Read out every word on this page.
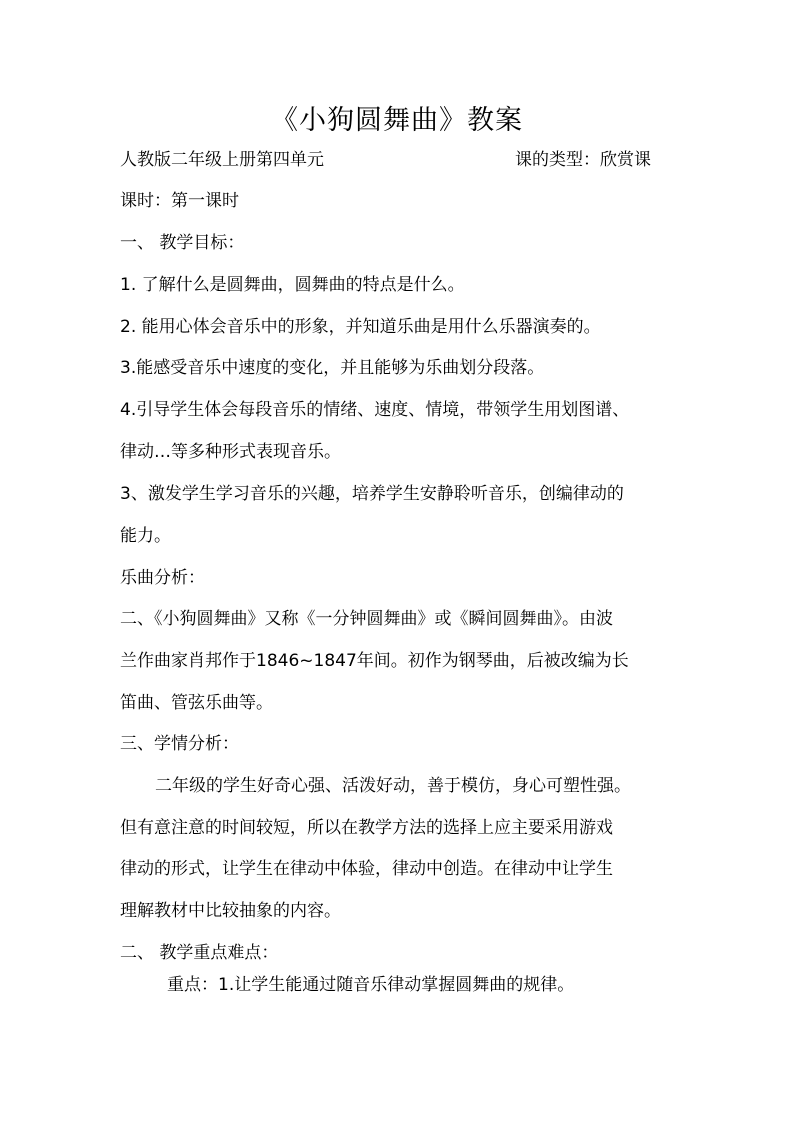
《小狗圆舞曲》教案
人教版二年级上册第四单元	课的类型：欣赏课
课时：第一课时
一、 教学目标：
1. 了解什么是圆舞曲，圆舞曲的特点是什么。
2. 能用心体会音乐中的形象，并知道乐曲是用什么乐器演奏的。
3.能感受音乐中速度的变化，并且能够为乐曲划分段落。
4.引导学生体会每段音乐的情绪、速度、情境，带领学生用划图谱、
律动…等多种形式表现音乐。
3、激发学生学习音乐的兴趣，培养学生安静聆听音乐，创编律动的
能力。
乐曲分析：
二、《小狗圆舞曲》又称《一分钟圆舞曲》或《瞬间圆舞曲》。由波
兰作曲家肖邦作于1846~1847年间。初作为钢琴曲，后被改编为长
笛曲、管弦乐曲等。
三、学情分析：
二年级的学生好奇心强、活泼好动，善于模仿，身心可塑性强。
但有意注意的时间较短，所以在教学方法的选择上应主要采用游戏
律动的形式，让学生在律动中体验，律动中创造。在律动中让学生
理解教材中比较抽象的内容。
二、 教学重点难点：
重点：1.让学生能通过随音乐律动掌握圆舞曲的规律。
